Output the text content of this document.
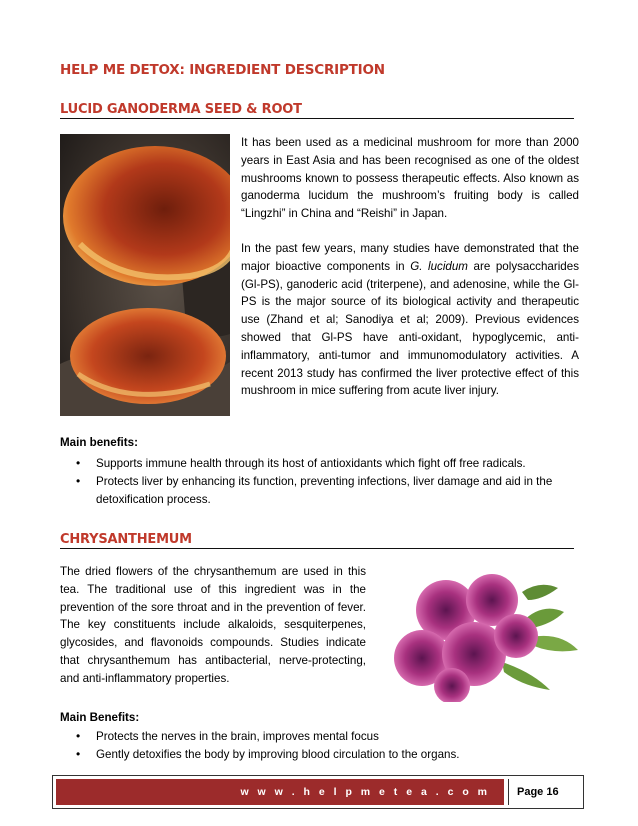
HELP ME DETOX: INGREDIENT DESCRIPTION
LUCID GANODERMA SEED & ROOT

It has been used as a medicinal mushroom for more than 2000 years in East Asia and has been recognised as one of the oldest mushrooms known to possess therapeutic effects. Also known as ganoderma lucidum the mushroom’s fruiting body is called “Lingzhi” in China and “Reishi” in Japan.

In the past few years, many studies have demonstrated that the major bioactive components in G. lucidum are polysaccharides (Gl-PS), ganoderic acid (triterpene), and adenosine, while the Gl-PS is the major source of its biological activity and therapeutic use (Zhand et al; Sanodiya et al; 2009). Previous evidences showed that Gl-PS have anti-oxidant, hypoglycemic, anti-inflammatory, anti-tumor and immunomodulatory activities. A recent 2013 study has confirmed the liver protective effect of this mushroom in mice suffering from acute liver injury.

Main benefits:

• Supports immune health through its host of antioxidants which fight off free radicals.
• Protects liver by enhancing its function, preventing infections, liver damage and aid in the detoxification process.
CHRYSANTHEMUM

The dried flowers of the chrysanthemum are used in this tea. The traditional use of this ingredient was in the prevention of the sore throat and in the prevention of fever. The key constituents include alkaloids, sesquiterpenes, glycosides, and flavonoids compounds. Studies indicate that chrysanthemum has antibacterial, nerve-protecting, and anti-inflammatory properties.

Main Benefits:

• Protects the nerves in the brain, improves mental focus
• Gently detoxifies the body by improving blood circulation to the organs.
w w w . h e l p m e t e a . c o m	Page 16
